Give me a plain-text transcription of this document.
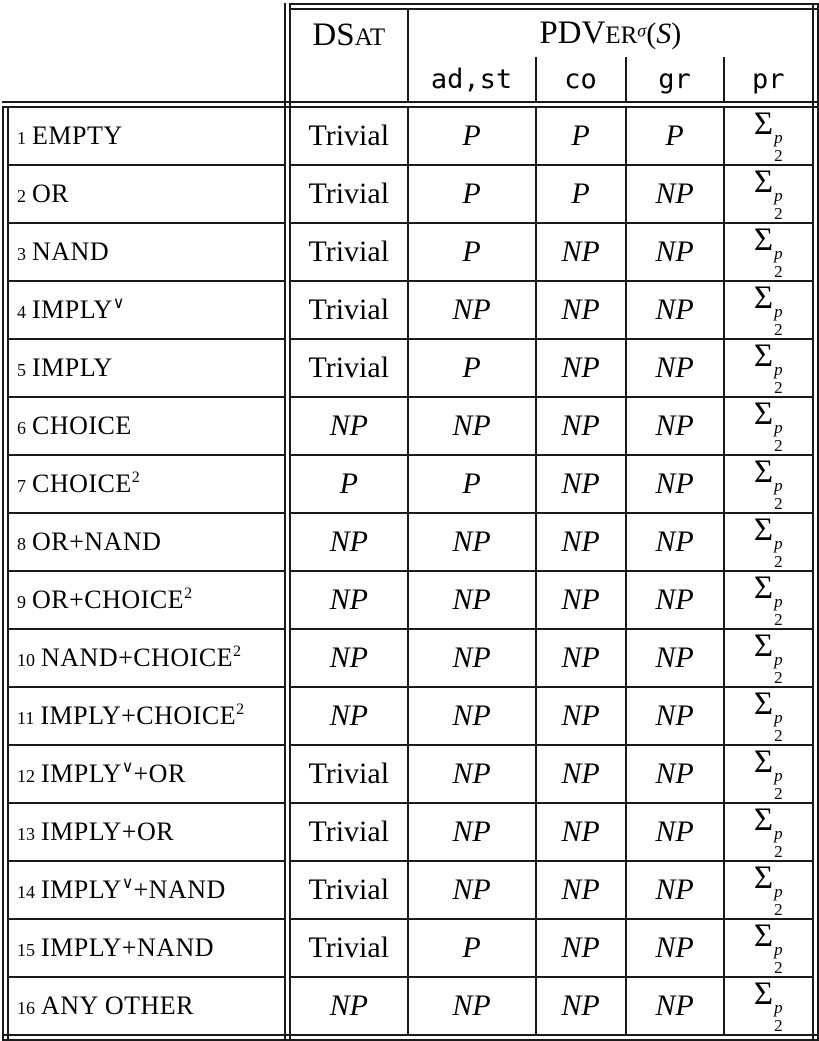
	DSAT	$PDVER^\sigma(S)$			
		ad,st	co	gr	pr
1 EMPTY	Trivial	P	P	P	Σ p
2

2 OR	Trivial	P	P	NP	Σ p
2

3 NAND	Trivial	P	NP	NP	Σ p
2

4 IMPLY∨	Trivial	NP	NP	NP	Σ p
2

5 IMPLY	Trivial	P	NP	NP	Σ p
2

6 CHOICE	NP	NP	NP	NP	Σ p
2

7 CHOICE$^2$	P	P	NP	NP	Σ p
2

8 OR+NAND	NP	NP	NP	NP	Σ p
2

9 $OR+CHOICE^2$	NP	NP	NP	NP	Σ p
2

10 $NAND+CHOICE^2$	NP	NP	NP	NP	Σ p
2

11 $IMPLY+CHOICE^2$	NP	NP	NP	NP	Σ p
2

12 IMPLY∨+OR	Trivial	NP	NP	NP	Σ p
2

13 IMPLY+OR	Trivial	NP	NP	NP	Σ p
2

14 IMPLY∨+NAND	Trivial	NP	NP	NP	Σ p
2

15 IMPLY+NAND	Trivial	P	NP	NP	Σ p
2

16 ANY OTHER	NP	NP	NP	NP	Σ p
2
